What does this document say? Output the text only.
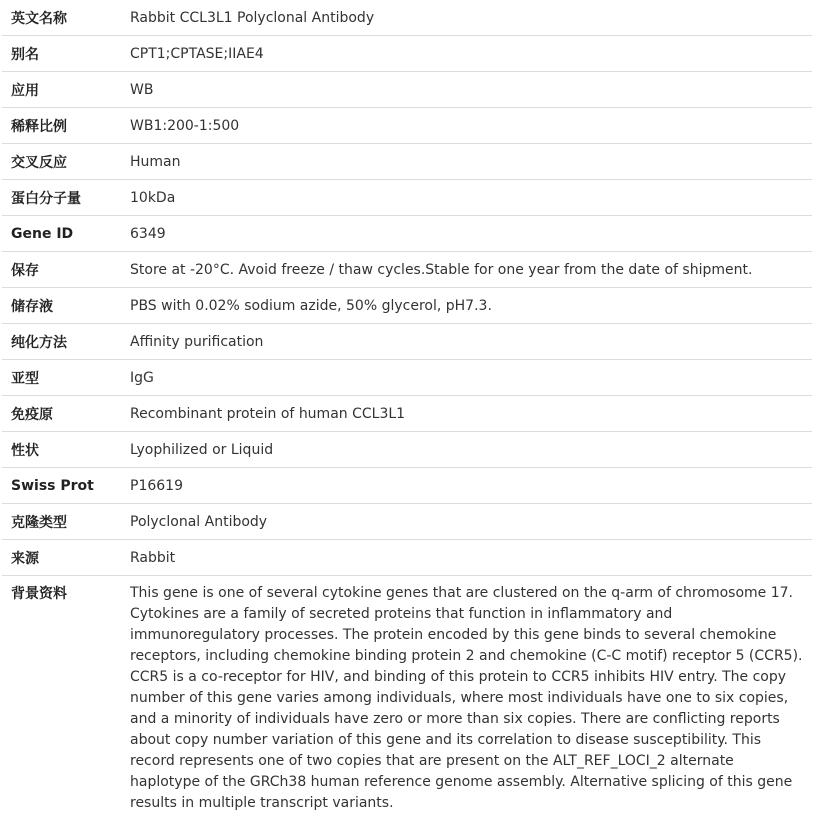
英文名称	Rabbit CCL3L1 Polyclonal Antibody
别名	CPT1;CPTASE;IIAE4
应用	WB
稀释比例	WB1:200-1:500
交叉反应	Human
蛋白分子量	10kDa
Gene ID	6349
保存	Store at -20°C. Avoid freeze / thaw cycles.Stable for one year from the date of shipment.
储存液	PBS with 0.02% sodium azide, 50% glycerol, pH7.3.
纯化方法	Affinity purification
亚型	IgG
免疫原	Recombinant protein of human CCL3L1
性状	Lyophilized or Liquid
Swiss Prot	P16619
克隆类型	Polyclonal Antibody
来源	Rabbit
背景资料	This gene is one of several cytokine genes that are clustered on the q-arm of chromosome 17. Cytokines are a family of secreted proteins that function in inflammatory and immunoregulatory processes. The protein encoded by this gene binds to several chemokine receptors, including chemokine binding protein 2 and chemokine (C-C motif) receptor 5 (CCR5). CCR5 is a co-receptor for HIV, and binding of this protein to CCR5 inhibits HIV entry. The copy number of this gene varies among individuals, where most individuals have one to six copies, and a minority of individuals have zero or more than six copies. There are conflicting reports about copy number variation of this gene and its correlation to disease susceptibility. This record represents one of two copies that are present on the ALT_REF_LOCI_2 alternate haplotype of the GRCh38 human reference genome assembly. Alternative splicing of this gene results in multiple transcript variants.
